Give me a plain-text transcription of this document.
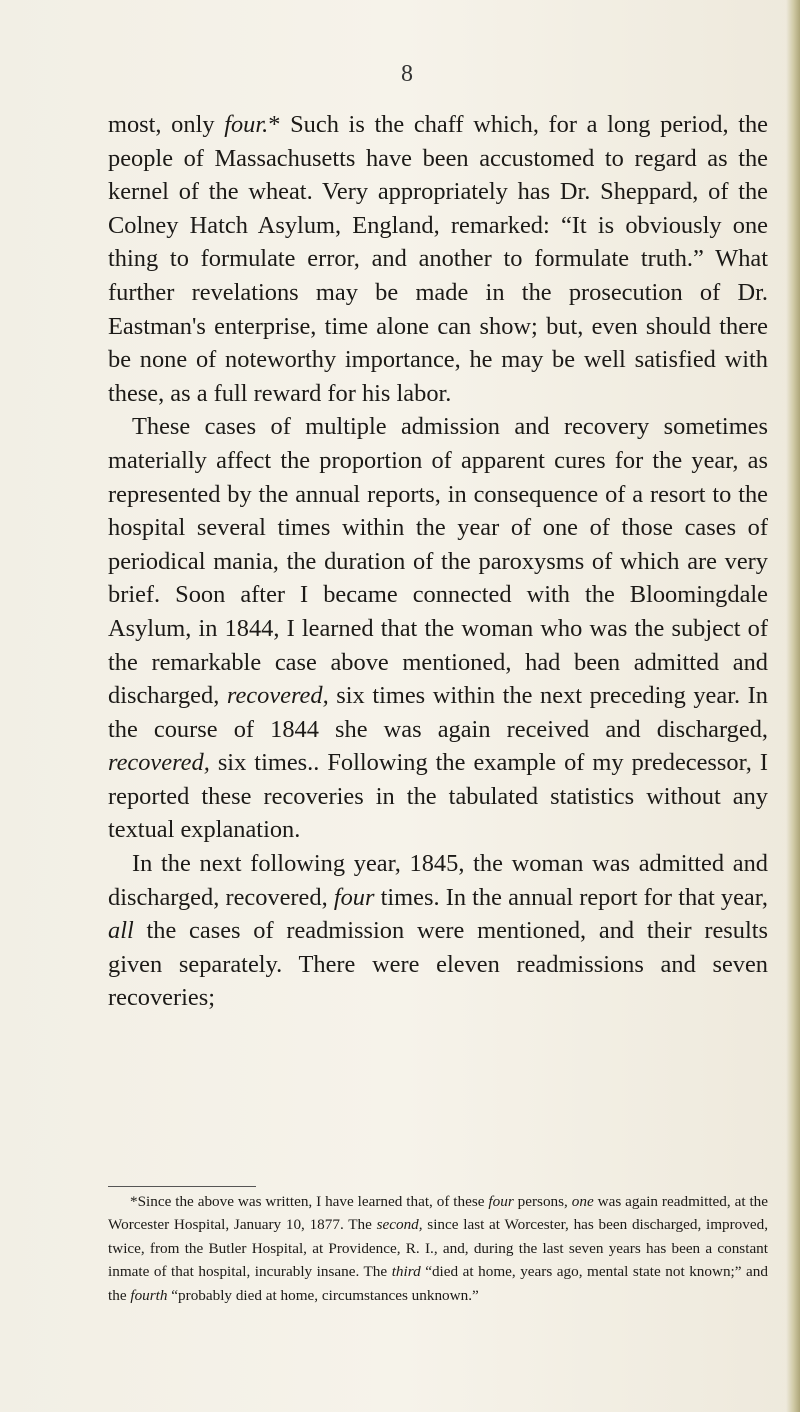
8

most, only four.* Such is the chaff which, for a long period, the people of Massachusetts have been accustomed to regard as the kernel of the wheat. Very appropriately has Dr. Sheppard, of the Colney Hatch Asylum, England, remarked: “It is obviously one thing to formulate error, and another to formulate truth.” What further revelations may be made in the prosecution of Dr. Eastman's enterprise, time alone can show; but, even should there be none of noteworthy importance, he may be well satisfied with these, as a full reward for his labor.

These cases of multiple admission and recovery sometimes materially affect the proportion of apparent cures for the year, as represented by the annual reports, in consequence of a resort to the hospital several times within the year of one of those cases of periodical mania, the duration of the paroxysms of which are very brief. Soon after I became connected with the Bloomingdale Asylum, in 1844, I learned that the woman who was the subject of the remarkable case above mentioned, had been admitted and discharged, recovered, six times within the next preceding year. In the course of 1844 she was again received and discharged, recovered, six times.. Following the example of my predecessor, I reported these recoveries in the tabulated statistics without any textual explanation.

In the next following year, 1845, the woman was admitted and discharged, recovered, four times. In the annual report for that year, all the cases of readmission were mentioned, and their results given separately. There were eleven readmissions and seven recoveries;

*Since the above was written, I have learned that, of these four persons, one was again readmitted, at the Worcester Hospital, January 10, 1877. The second, since last at Worcester, has been discharged, improved, twice, from the Butler Hospital, at Providence, R. I., and, during the last seven years has been a constant inmate of that hospital, incurably insane. The third “died at home, years ago, mental state not known;” and the fourth “probably died at home, circumstances unknown.”
